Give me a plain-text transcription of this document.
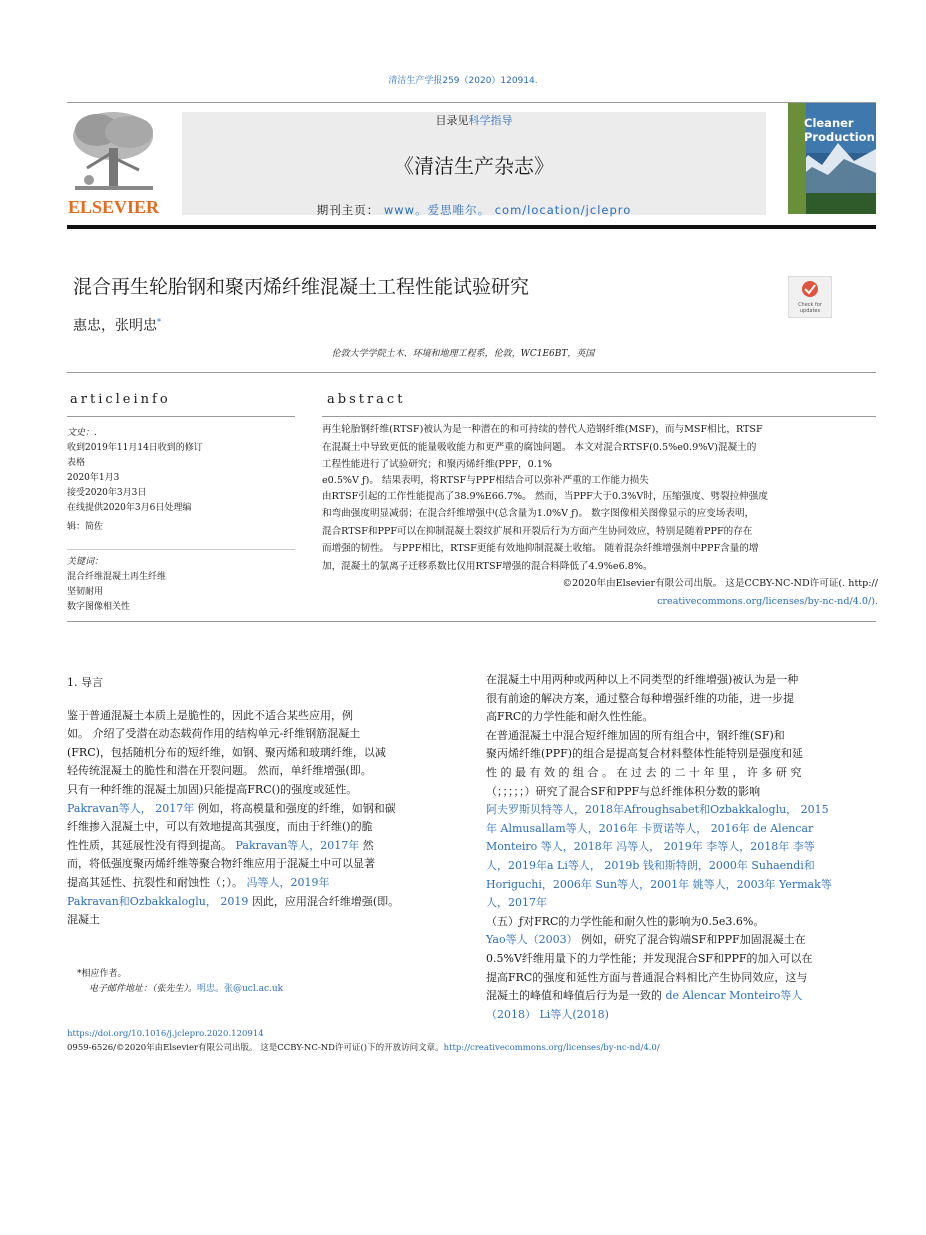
清洁生产学报259（2020）120914.
ELSEVIER
目录见科学指导
《清洁生产杂志》
期刊主页： www。爱思唯尔。 com/location/jclepro
Cleaner
Production
混合再生轮胎钢和聚丙烯纤维混凝土工程性能试验研究
Check for updates
惠忠，张明忠*
伦敦大学学院土木、环境和地理工程系，伦敦，WC1E6BT，英国
articleinfo
文史：.
收到2019年11月14日收到的修订
表格
2020年1月3
接受2020年3月3日
在线提供2020年3月6日处理编
辑：简佐
关键词：
混合纤维混凝土再生纤维
坚韧耐用
数字图像相关性
abstract
再生轮胎钢纤维(RTSF)被认为是一种潜在的和可持续的替代人造钢纤维(MSF)，而与MSF相比，RTSF
在混凝土中导致更低的能量吸收能力和更严重的腐蚀问题。 本文对混合RTSF(0.5%e0.9%V)混凝土的
工程性能进行了试验研究；和聚丙烯纤维(PPF，0.1%
e0.5%V ƒ)。 结果表明，将RTSF与PPF相结合可以弥补严重的工作能力损失
由RTSF引起的工作性能提高了38.9%E66.7%。 然而，当PPF大于0.3%V时，压缩强度、劈裂拉伸强度
和弯曲强度明显减弱；在混合纤维增强中(总含量为1.0%V ƒ)。 数字图像相关图像显示的应变场表明，
混合RTSF和PPF可以在抑制混凝土裂纹扩展和开裂后行为方面产生协同效应，特别是随着PPF的存在
而增强的韧性。 与PPF相比，RTSF更能有效地抑制混凝土收缩。 随着混杂纤维增强剂中PPF含量的增
加，混凝土的氯离子迁移系数比仅用RTSF增强的混合料降低了4.9%e6.8%。
©2020年由Elsevier有限公司出版。 这是CCBY-NC-ND许可证(. http://
creativecommons.org/licenses/by-nc-nd/4.0/).
1. 导言
鉴于普通混凝土本质上是脆性的，因此不适合某些应用，例
如。 介绍了受潜在动态载荷作用的结构单元-纤维钢筋混凝土
(FRC)，包括随机分布的短纤维，如钢、聚丙烯和玻璃纤维，以减
轻传统混凝土的脆性和潜在开裂问题。 然而，单纤维增强(即。
只有一种纤维的混凝土加固)只能提高FRC()的强度或延性。
Pakravan等人， 2017年 例如，将高模量和强度的纤维，如钢和碳
纤维掺入混凝土中，可以有效地提高其强度，而由于纤维()的脆
性性质，其延展性没有得到提高。 Pakravan等人，2017年 然
而，将低强度聚丙烯纤维等聚合物纤维应用于混凝土中可以显著
提高其延性、抗裂性和耐蚀性（；）。 冯等人，2019年
Pakravan和Ozbakkaloglu， 2019 因此，应用混合纤维增强(即。
混凝土
*相应作者。
电子邮件地址：（张先生）。明忠。张@ucl.ac.uk
在混凝土中用两种或两种以上不同类型的纤维增强)被认为是一种
很有前途的解决方案，通过整合每种增强纤维的功能，进一步提
高FRC的力学性能和耐久性性能。
在普通混凝土中混合短纤维加固的所有组合中，钢纤维(SF)和
聚丙烯纤维(PPF)的组合是提高复合材料整体性能特别是强度和延
性 的 最 有 效 的 组 合 。 在 过 去 的 二 十 年 里 ， 许 多 研 究
（；；；；；）研究了混合SF和PPF与总纤维体积分数的影响
阿夫罗斯贝特等人，2018年Afroughsabet和Ozbakkaloglu， 2015
年 Almusallam等人，2016年 卡贾诺等人， 2016年 de Alencar
Monteiro 等人，2018年 冯等人， 2019年 李等人，2018年 李等
人，2019年a Li等人， 2019b 钱和斯特朗，2000年 Suhaendi和
Horiguchi，2006年 Sun等人，2001年 姚等人，2003年 Yermak等
人，2017年
（五）ƒ对FRC的力学性能和耐久性的影响为0.5e3.6%。
Yao等人（2003） 例如，研究了混合钩端SF和PPF加固混凝土在
0.5%V纤维用量下的力学性能；并发现混合SF和PPF的加入可以在
提高FRC的强度和延性方面与普通混合料相比产生协同效应，这与
混凝土的峰值和峰值后行为是一致的 de Alencar Monteiro等人
（2018） Li等人(2018)
https://doi.org/10.1016/j.jclepro.2020.120914
0959-6526/©2020年由Elsevier有限公司出版。 这是CCBY-NC-ND许可证()下的开放访问文章。http://creativecommons.org/licenses/by-nc-nd/4.0/
